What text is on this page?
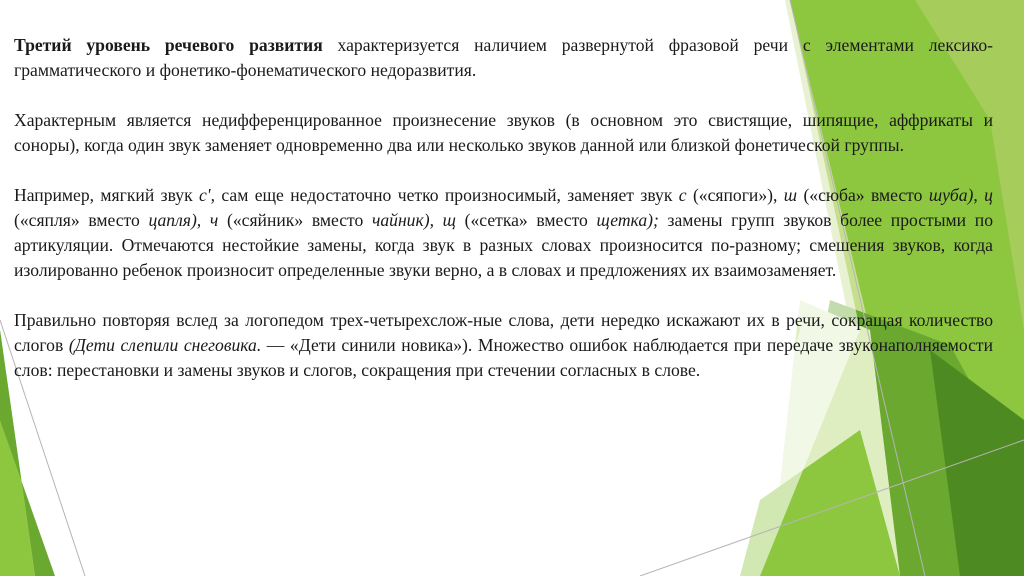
Третий уровень речевого развития характеризуется наличием развернутой фразовой речи с элементами лексико-грамматического и фонетико-фонематического недоразвития.

Характерным является недифференцированное произнесение звуков (в основном это свистящие, шипящие, аффрикаты и соноры), когда один звук заменяет одновременно два или несколько звуков данной или близкой фонетической группы.

Например, мягкий звук с', сам еще недостаточно четко произносимый, заменяет звук с («сяпоги»), ш («сюба» вместо шуба), ц («сяпля» вместо цапля), ч («сяйник» вместо чайник), щ («сетка» вместо щетка); замены групп звуков более простыми по артикуляции. Отмечаются нестойкие замены, когда звук в разных словах произносится по-разному; смешения звуков, когда изолированно ребенок произносит определенные звуки верно, а в словах и предложениях их взаимозаменяет.

Правильно повторяя вслед за логопедом трех-четырехслож-ные слова, дети нередко искажают их в речи, сокращая количество слогов (Дети слепили снеговика. — «Дети синили новика»). Множество ошибок наблюдается при передаче звуконаполняемости слов: перестановки и замены звуков и слогов, сокращения при стечении согласных в слове.
